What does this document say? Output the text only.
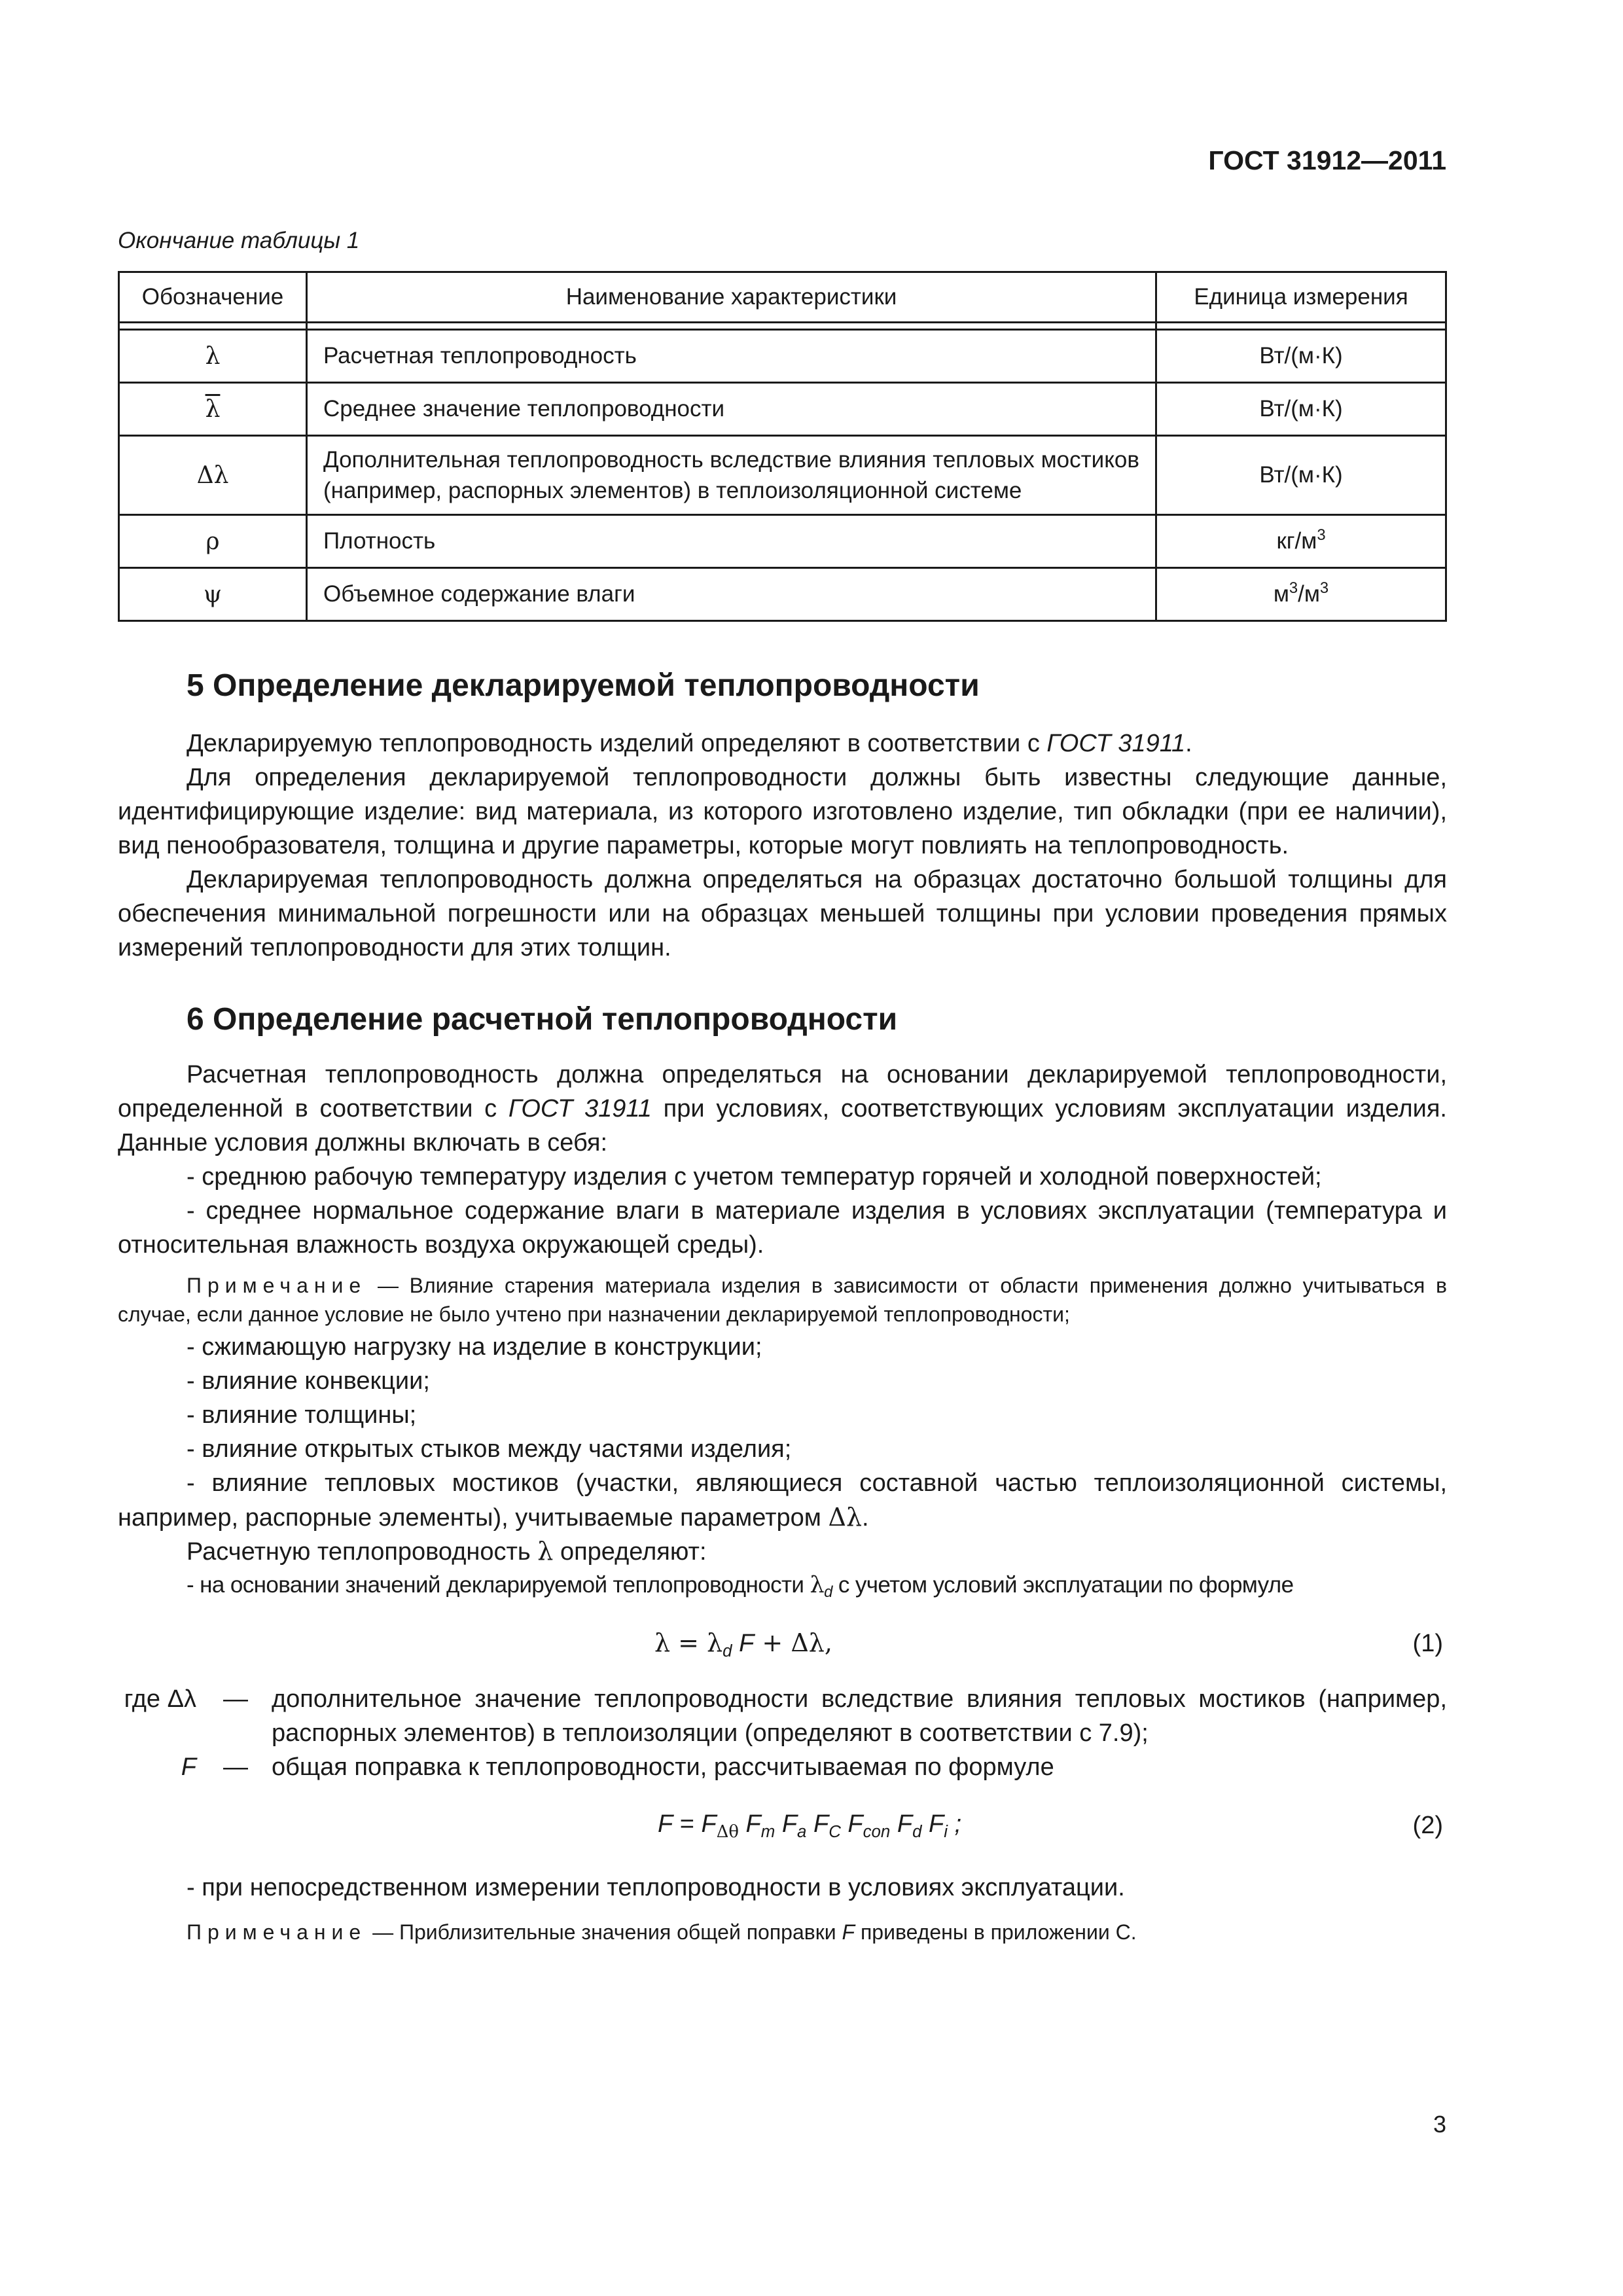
ГОСТ 31912—2011
Окончание таблицы 1
Обозначение	Наименование характеристики	Единица измерения

λ	Расчетная теплопроводность	Вт/(м·К)
$\overline{\lambda}$	Среднее значение теплопроводности	Вт/(м·К)
Δλ	Дополнительная теплопроводность вследствие влияния тепловых мостиков (например, распорных элементов) в теплоизоляционной системе	Вт/(м·К)
ρ	Плотность	$кг/м^3$
ψ	Объемное содержание влаги	$м^3/м^3$
5 Определение декларируемой теплопроводности
Декларируемую теплопроводность изделий определяют в соответствии с ГОСТ 31911.
Для определения декларируемой теплопроводности должны быть известны следующие данные, идентифицирующие изделие: вид материала, из которого изготовлено изделие, тип обкладки (при ее наличии), вид пенообразователя, толщина и другие параметры, которые могут повлиять на теплопроводность.
Декларируемая теплопроводность должна определяться на образцах достаточно большой толщины для обеспечения минимальной погрешности или на образцах меньшей толщины при условии проведения прямых измерений теплопроводности для этих толщин.
6 Определение расчетной теплопроводности
Расчетная теплопроводность должна определяться на основании декларируемой теплопроводности, определенной в соответствии с ГОСТ 31911 при условиях, соответствующих условиям эксплуатации изделия. Данные условия должны включать в себя:
- среднюю рабочую температуру изделия с учетом температур горячей и холодной поверхностей;
- среднее нормальное содержание влаги в материале изделия в условиях эксплуатации (температура и относительная влажность воздуха окружающей среды).
Примечание — Влияние старения материала изделия в зависимости от области применения должно учитываться в случае, если данное условие не было учтено при назначении декларируемой теплопроводности;
- сжимающую нагрузку на изделие в конструкции;
- влияние конвекции;
- влияние толщины;
- влияние открытых стыков между частями изделия;
- влияние тепловых мостиков (участки, являющиеся составной частью теплоизоляционной системы, например, распорные элементы), учитываемые параметром Δλ.
Расчетную теплопроводность λ определяют:
- на основании значений декларируемой теплопроводности $\lambda_d$ с учетом условий эксплуатации по формуле
$\lambda = \lambda_d$ F + Δλ,	(1)
где Δλ — дополнительное значение теплопроводности вследствие влияния тепловых мостиков (например, распорных элементов) в теплоизоляции (определяют в соответствии с 7.9);
F — общая поправка к теплопроводности, рассчитываемая по формуле
$F = F_{\Delta\theta}$ $F_m$ $F_a$ $F_C$ $F_{con}$ $F_d$ $F_i$ ;	(2)
- при непосредственном измерении теплопроводности в условиях эксплуатации.
Примечание — Приблизительные значения общей поправки F приведены в приложении С.
3
